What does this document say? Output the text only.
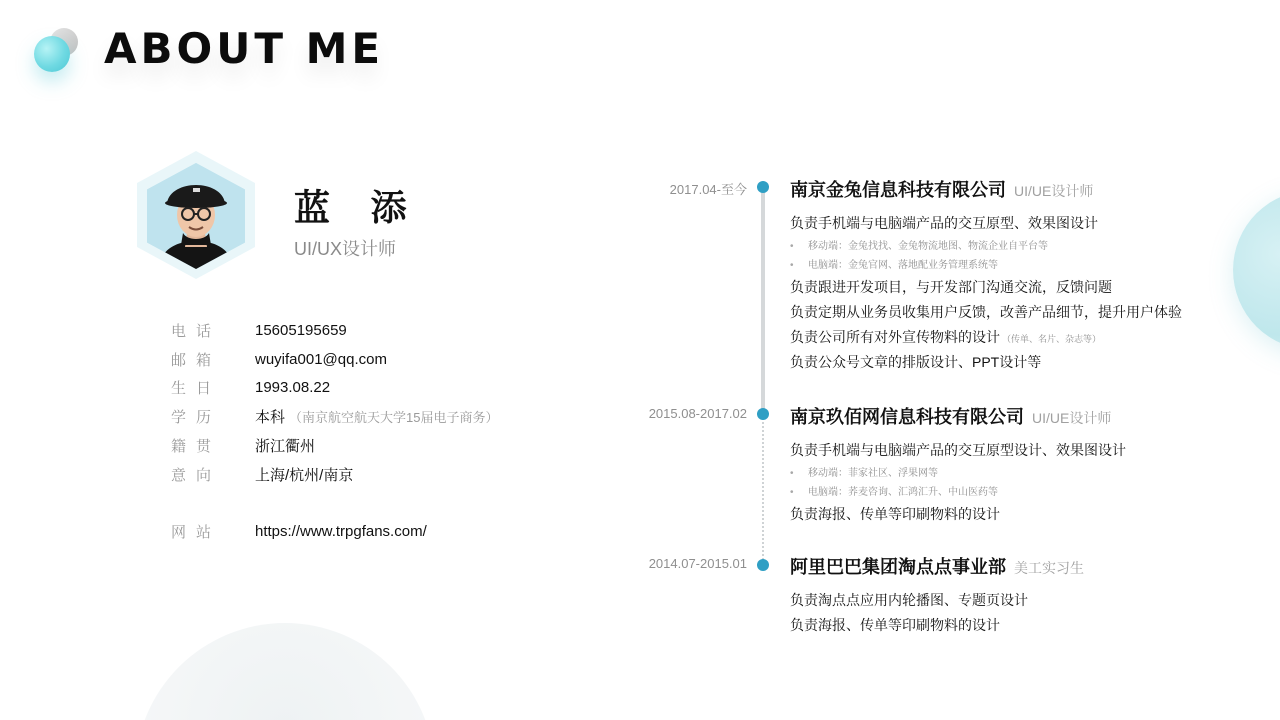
ABOUT ME
蓝 添
UI/UX设计师
电话	15605195659
邮箱	wuyifa001@qq.com
生日	1993.08.22
学历	本科 （南京航空航天大学15届电子商务）
籍贯	浙江衢州
意向	上海/杭州/南京
网站	https://www.trpgfans.com/
2017.04-至今 南京金兔信息科技有限公司 UI/UE设计师
负责手机端与电脑端产品的交互原型、效果图设计
• 移动端：金兔找找、金兔物流地图、物流企业自平台等
• 电脑端：金兔官网、落地配业务管理系统等
负责跟进开发项目，与开发部门沟通交流，反馈问题
负责定期从业务员收集用户反馈，改善产品细节，提升用户体验
负责公司所有对外宣传物料的设计 （传单、名片、杂志等）
负责公众号文章的排版设计、PPT设计等
2015.08-2017.02 南京玖佰网信息科技有限公司 UI/UE设计师
负责手机端与电脑端产品的交互原型设计、效果图设计
• 移动端：菲家社区、浮果网等
• 电脑端：荞麦咨询、汇鸿汇升、中山医药等
负责海报、传单等印刷物料的设计
2014.07-2015.01 阿里巴巴集团淘点点事业部 美工实习生
负责淘点点应用内轮播图、专题页设计
负责海报、传单等印刷物料的设计
